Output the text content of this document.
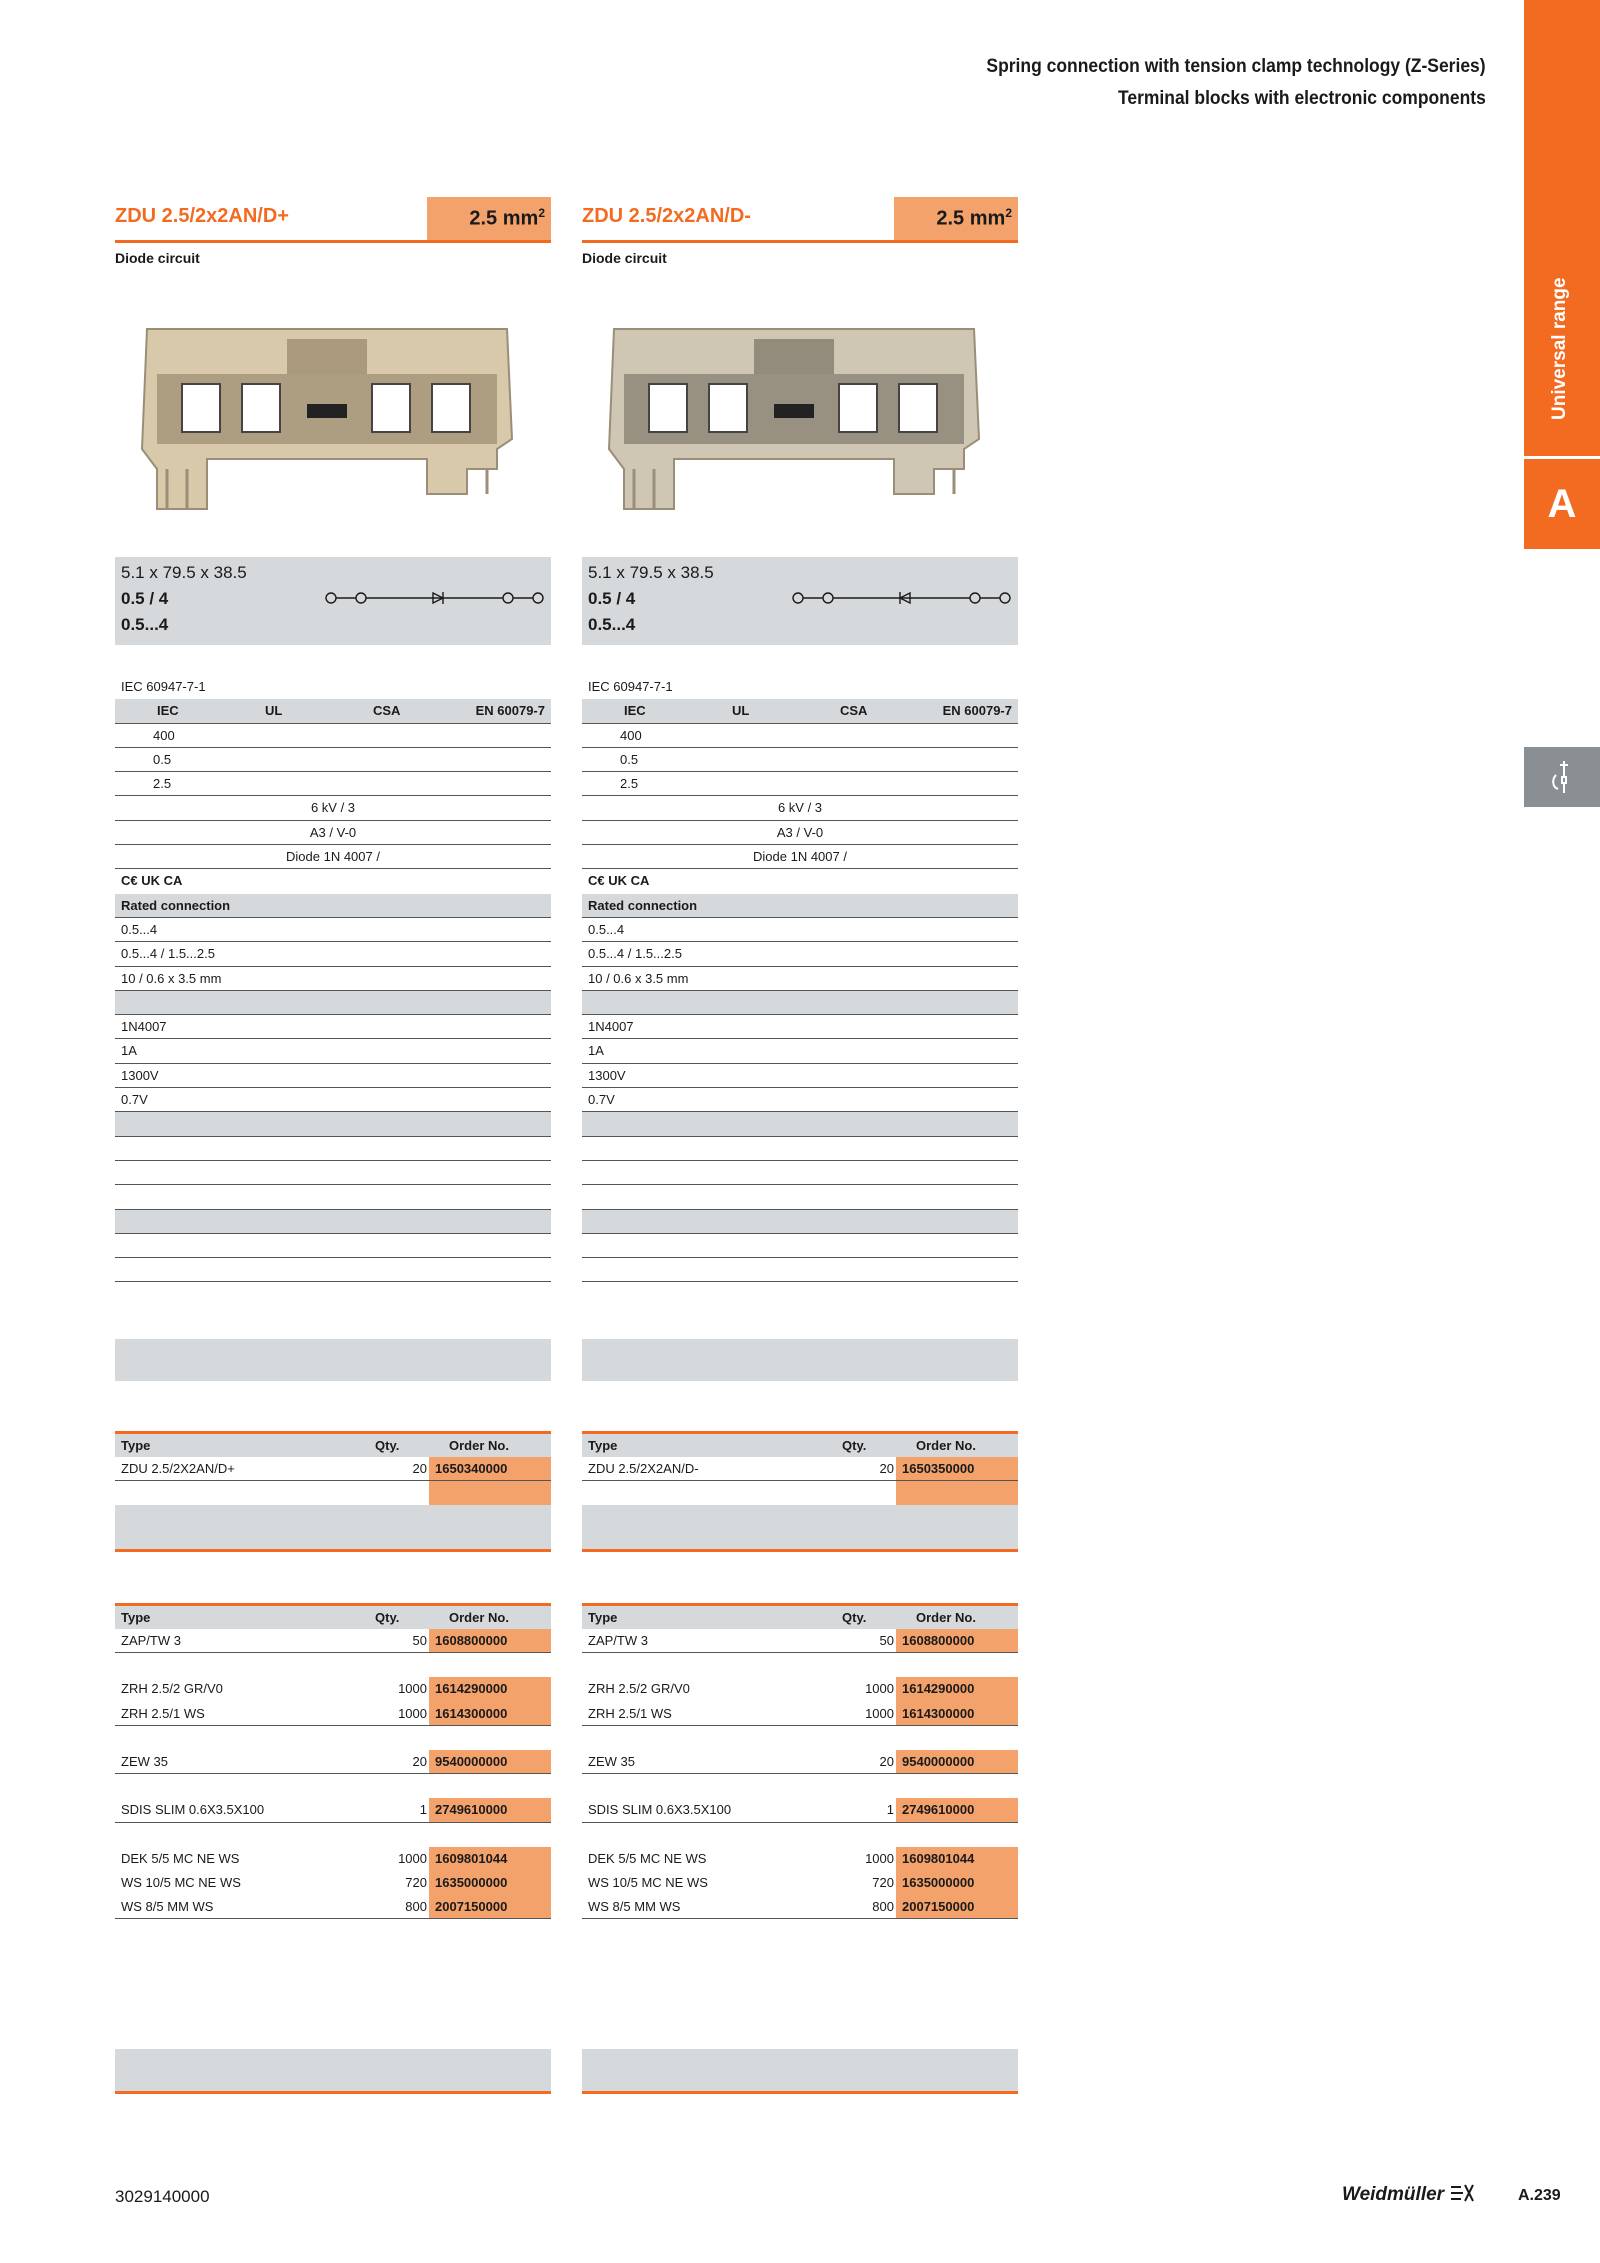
Spring connection with tension clamp technology (Z-Series)
Terminal blocks with electronic components
Universal range
A
ZDU 2.5/2x2AN/D+	2.5 $mm^2$
Diode circuit
5.1 x 79.5 x 38.5
0.5 / 4
0.5...4
IEC 60947-7-1
IEC	UL	CSA	EN 60079-7
400
0.5
2.5
6 kV / 3
A3 / V-0
Diode 1N 4007 /
C€ UK CA
Rated connection
0.5...4
0.5...4 / 1.5...2.5
10 / 0.6 x 3.5 mm
1N4007
1A
1300V
0.7V
Type	Qty.	Order No.
ZDU 2.5/2X2AN/D+	20 1650340000
Type	Qty.	Order No.
ZAP/TW 3	50 1608800000
ZRH 2.5/2 GR/V0	1000 1614290000
ZRH 2.5/1 WS	1000 1614300000
ZEW 35	20 9540000000
SDIS SLIM 0.6X3.5X100	1 2749610000
DEK 5/5 MC NE WS	1000 1609801044
WS 10/5 MC NE WS	720 1635000000
WS 8/5 MM WS	800 2007150000
ZDU 2.5/2x2AN/D-	2.5 $mm^2$
Diode circuit
5.1 x 79.5 x 38.5
0.5 / 4
0.5...4
IEC 60947-7-1
IEC	UL	CSA	EN 60079-7
400
0.5
2.5
6 kV / 3
A3 / V-0
Diode 1N 4007 /
C€ UK CA
Rated connection
0.5...4
0.5...4 / 1.5...2.5
10 / 0.6 x 3.5 mm
1N4007
1A
1300V
0.7V
Type	Qty.	Order No.
ZDU 2.5/2X2AN/D-	20 1650350000
Type	Qty.	Order No.
ZAP/TW 3	50 1608800000
ZRH 2.5/2 GR/V0	1000 1614290000
ZRH 2.5/1 WS	1000 1614300000
ZEW 35	20 9540000000
SDIS SLIM 0.6X3.5X100	1 2749610000
DEK 5/5 MC NE WS	1000 1609801044
WS 10/5 MC NE WS	720 1635000000
WS 8/5 MM WS	800 2007150000
3029140000	Weidmüller	A.239
